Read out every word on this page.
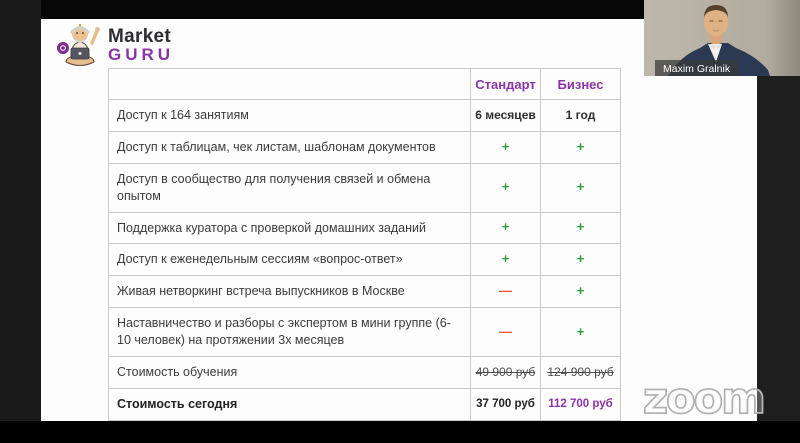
Market
GURU
	Стандарт	Бизнес
Доступ к 164 занятиям	6 месяцев	1 год
Доступ к таблицам, чек листам, шаблонам документов	+	+
Доступ в сообщество для получения связей и обмена опытом	+	+
Поддержка куратора с проверкой домашних заданий	+	+
Доступ к еженедельным сессиям «вопрос-ответ»	+	+
Живая нетворкинг встреча выпускников в Москве	—	+
Наставничество и разборы с экспертом в мини группе (6-10 человек) на протяжении 3х месяцев	—	+
Стоимость обучения	49 900 руб	124 900 руб
Стоимость сегодня	37 700 руб	112 700 руб

Maxim Gralnik
zoom
